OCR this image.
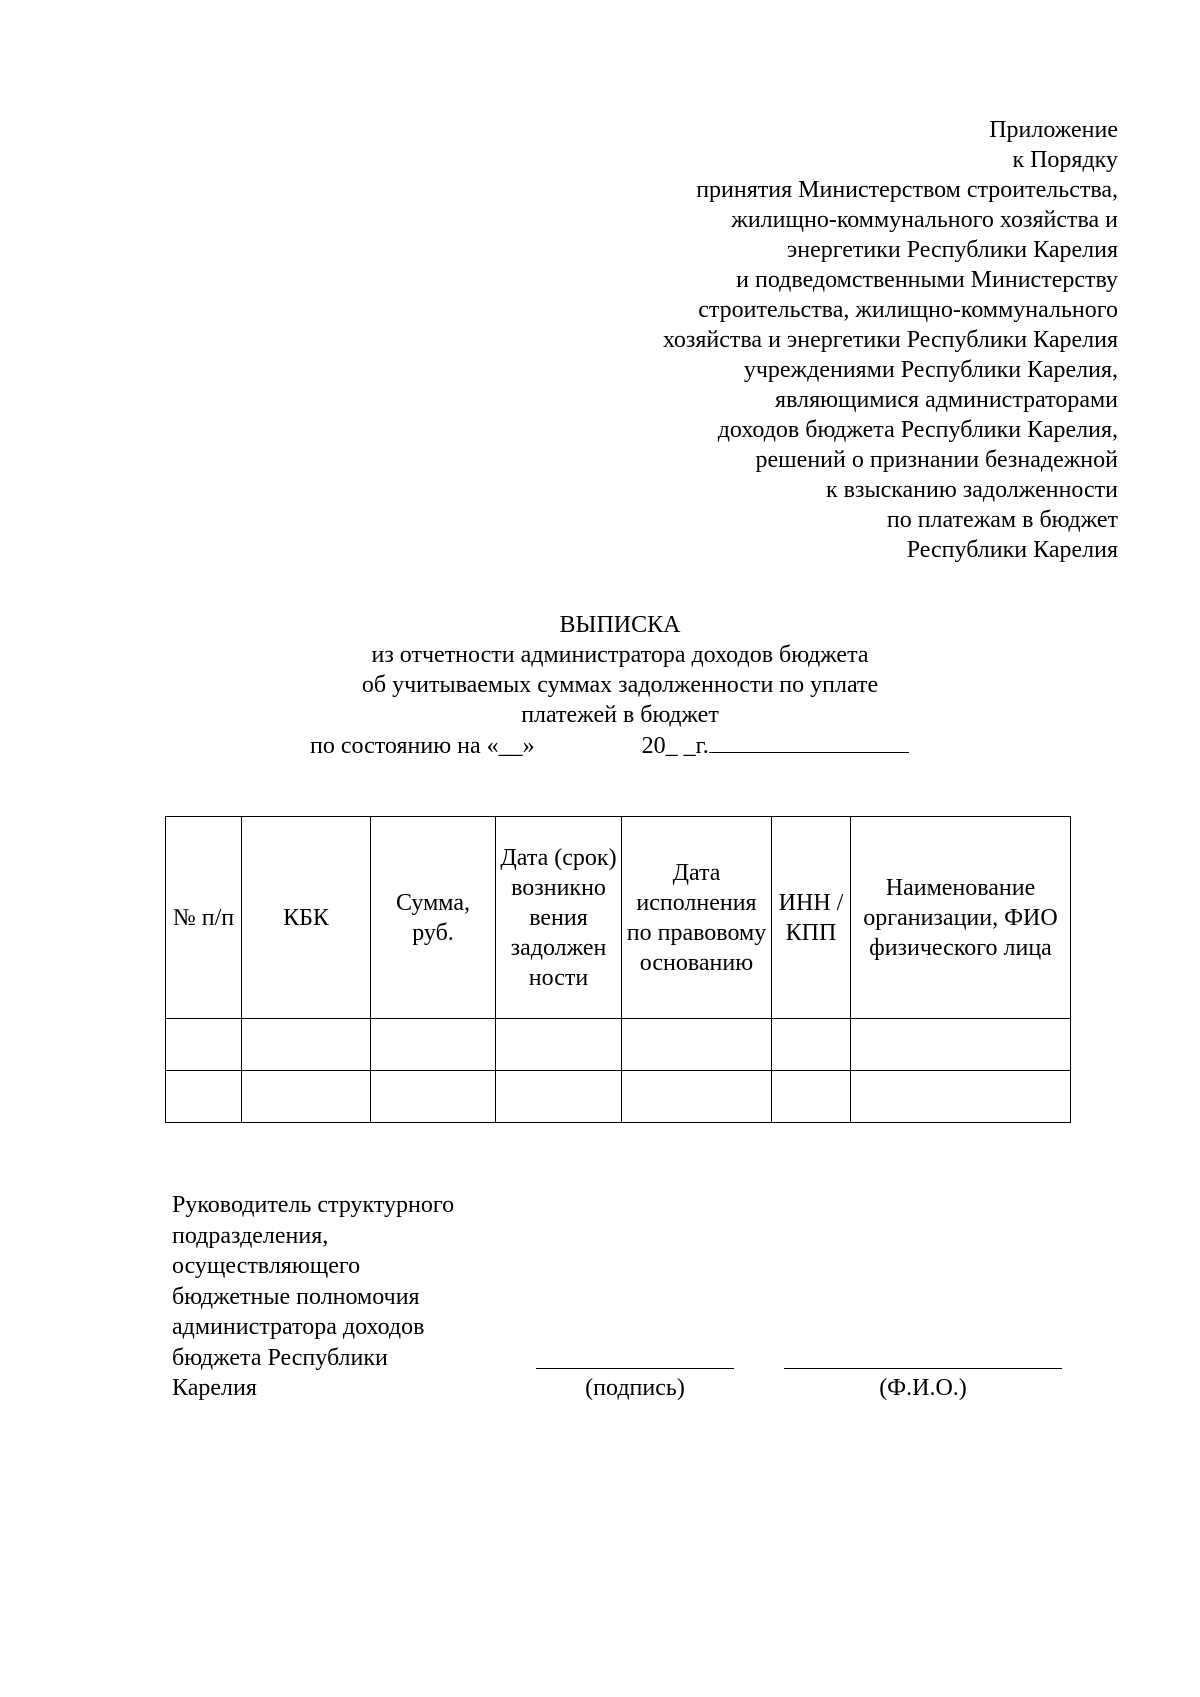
Приложение
к Порядку
принятия Министерством строительства,
жилищно-коммунального хозяйства и
энергетики Республики Карелия
и подведомственными Министерству
строительства, жилищно-коммунального
хозяйства и энергетики Республики Карелия
учреждениями Республики Карелия,
являющимися администраторами
доходов бюджета Республики Карелия,
решений о признании безнадежной
к взысканию задолженности
по платежам в бюджет
Республики Карелия
ВЫПИСКА
из отчетности администратора доходов бюджета
об учитываемых суммах задолженности по уплате
платежей в бюджет
по состоянию на «__»	20_ _г.
№ п/п	КБК	Сумма, руб.	Дата (срок) возникно вения задолжен ности	Дата исполнения по правовому основанию	ИНН / КПП	Наименование организации, ФИО физического лица

Руководитель структурного
подразделения,
осуществляющего
бюджетные полномочия
администратора доходов
бюджета Республики
Карелия	(подпись)	(Ф.И.О.)
